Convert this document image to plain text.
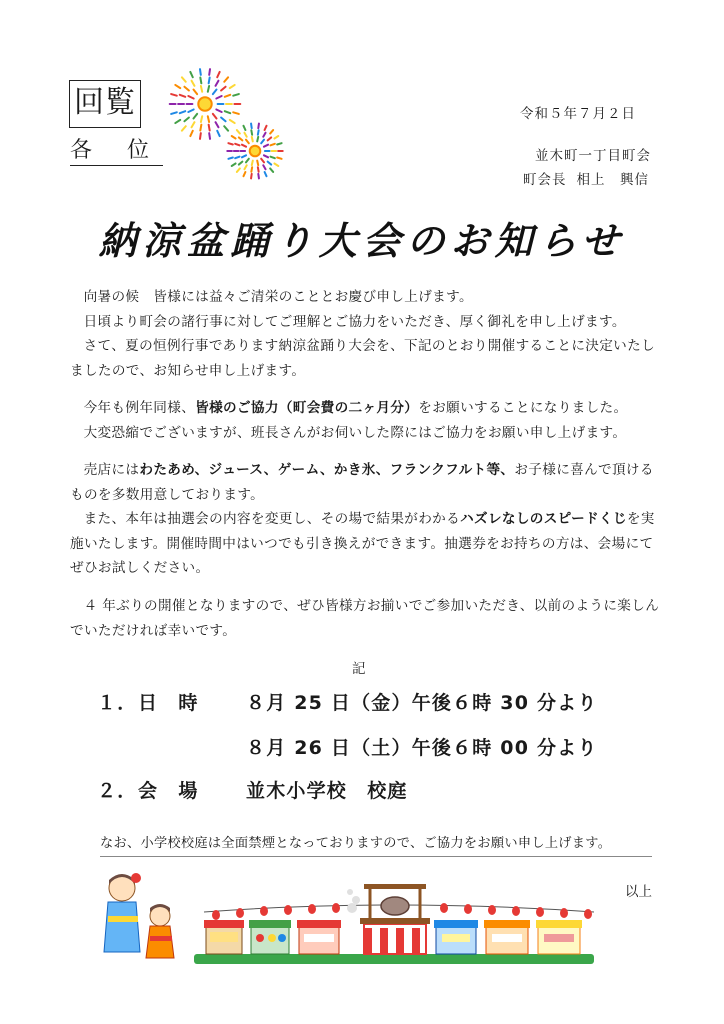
回覧
各 位
令和５年７月２日
並木町一丁目町会
町会長 相上　興信
納涼盆踊り大会のお知らせ

向暑の候　皆様には益々ご清栄のこととお慶び申し上げます。

日頃より町会の諸行事に対してご理解とご協力をいただき、厚く御礼を申し上げます。

さて、夏の恒例行事であります納涼盆踊り大会を、下記のとおり開催することに決定いたしましたので、お知らせ申し上げます。

今年も例年同様、皆様のご協力（町会費の二ヶ月分）をお願いすることになりました。

大変恐縮でございますが、班長さんがお伺いした際にはご協力をお願い申し上げます。

売店にはわたあめ、ジュース、ゲーム、かき氷、フランクフルト等、お子様に喜んで頂けるものを多数用意しております。

また、本年は抽選会の内容を変更し、その場で結果がわかるハズレなしのスピードくじを実施いたします。開催時間中はいつでも引き換えができます。抽選券をお持ちの方は、会場にてぜひお試しください。

４ 年ぶりの開催となりますので、ぜひ皆様方お揃いでご参加いただき、以前のように楽しんでいただければ幸いです。

記
１． 日　時 ８月 25 日（金）午後６時 30 分より
８月 26 日（土）午後６時 00 分より
２． 会　場 並木小学校　校庭
なお、小学校校庭は全面禁煙となっておりますので、ご協力をお願い申し上げます。
以上
